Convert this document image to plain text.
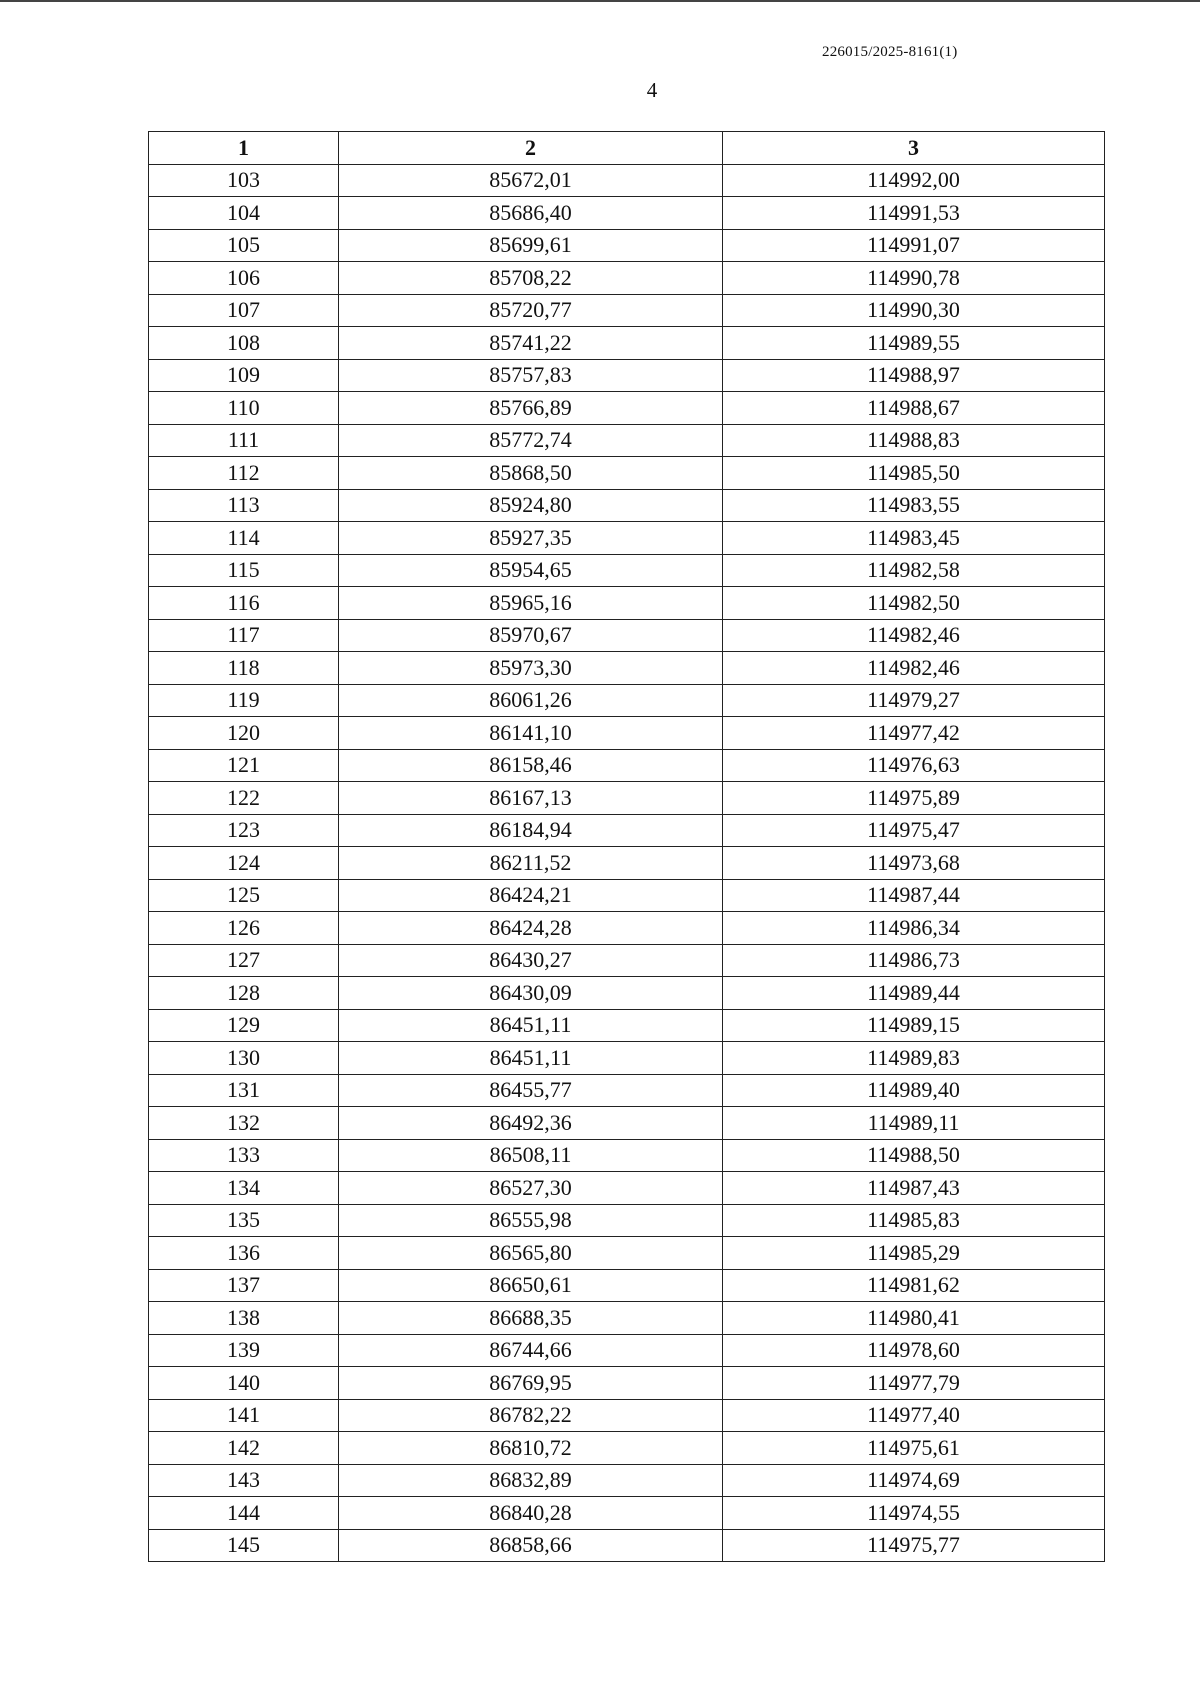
226015/2025-8161(1)
4
1	2	3
103	85672,01	114992,00
104	85686,40	114991,53
105	85699,61	114991,07
106	85708,22	114990,78
107	85720,77	114990,30
108	85741,22	114989,55
109	85757,83	114988,97
110	85766,89	114988,67
111	85772,74	114988,83
112	85868,50	114985,50
113	85924,80	114983,55
114	85927,35	114983,45
115	85954,65	114982,58
116	85965,16	114982,50
117	85970,67	114982,46
118	85973,30	114982,46
119	86061,26	114979,27
120	86141,10	114977,42
121	86158,46	114976,63
122	86167,13	114975,89
123	86184,94	114975,47
124	86211,52	114973,68
125	86424,21	114987,44
126	86424,28	114986,34
127	86430,27	114986,73
128	86430,09	114989,44
129	86451,11	114989,15
130	86451,11	114989,83
131	86455,77	114989,40
132	86492,36	114989,11
133	86508,11	114988,50
134	86527,30	114987,43
135	86555,98	114985,83
136	86565,80	114985,29
137	86650,61	114981,62
138	86688,35	114980,41
139	86744,66	114978,60
140	86769,95	114977,79
141	86782,22	114977,40
142	86810,72	114975,61
143	86832,89	114974,69
144	86840,28	114974,55
145	86858,66	114975,77
